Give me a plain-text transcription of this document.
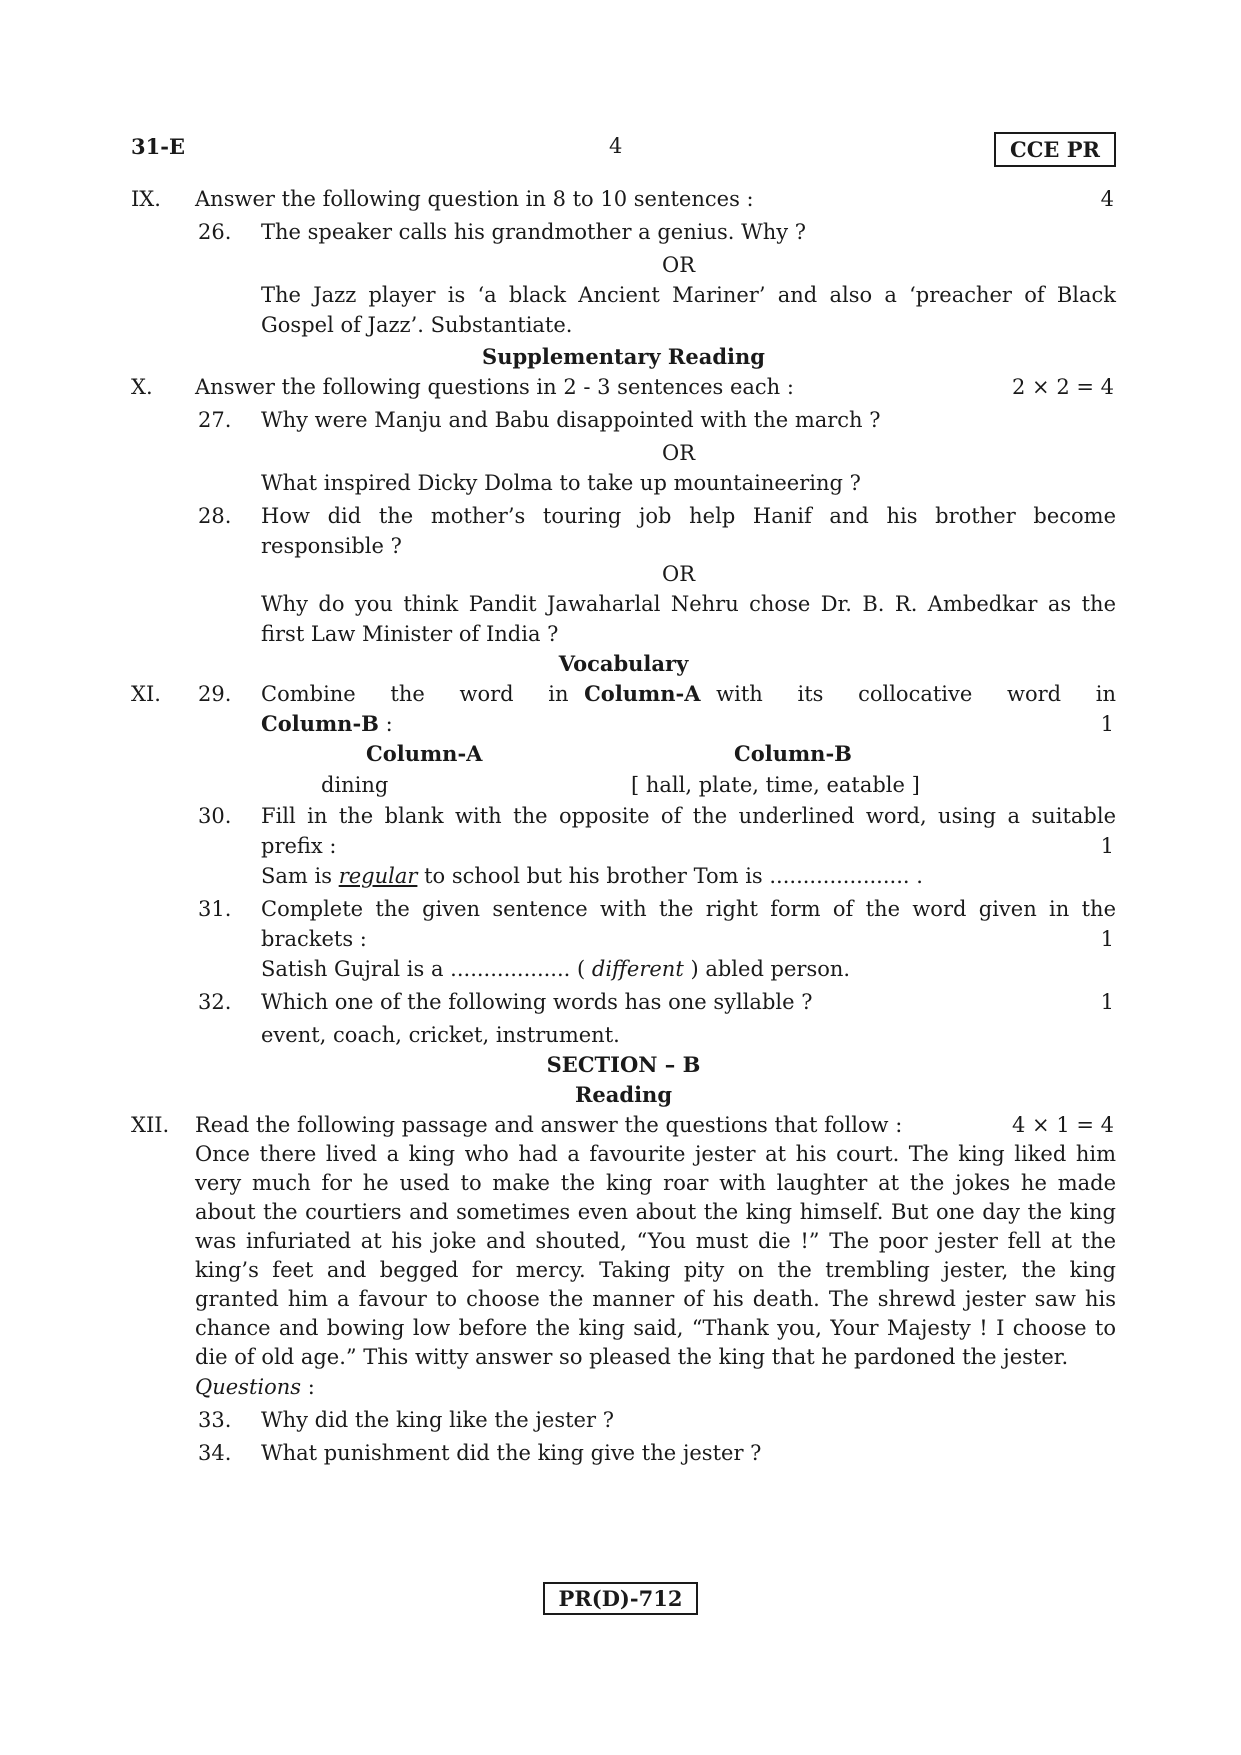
31-E	4	CCE PR
IX. Answer the following question in 8 to 10 sentences :	4
26. The speaker calls his grandmother a genius. Why ?
OR
The Jazz player is ‘a black Ancient Mariner’ and also a ‘preacher of Black Gospel of Jazz’. Substantiate.
Supplementary Reading
X. Answer the following questions in 2 - 3 sentences each :	2 × 2 = 4
27. Why were Manju and Babu disappointed with the march ?
OR
What inspired Dicky Dolma to take up mountaineering ?
28. How did the mother’s touring job help Hanif and his brother become responsible ?
OR
Why do you think Pandit Jawaharlal Nehru chose Dr. B. R. Ambedkar as the first Law Minister of India ?
Vocabulary
XI. 29. Combine the word in Column-A with its collocative word in
Column-B :	1
Column-A	Column-B
dining	[ hall, plate, time, eatable ]
30. Fill in the blank with the opposite of the underlined word, using a suitable
prefix :	1
Sam is regular to school but his brother Tom is ..................... .
31. Complete the given sentence with the right form of the word given in the
brackets :	1
Satish Gujral is a .................. ( different ) abled person.
32. Which one of the following words has one syllable ?	1
event, coach, cricket, instrument.
SECTION – B
Reading
XII. Read the following passage and answer the questions that follow :	4 × 1 = 4
Once there lived a king who had a favourite jester at his court. The king liked him very much for he used to make the king roar with laughter at the jokes he made about the courtiers and sometimes even about the king himself. But one day the king was infuriated at his joke and shouted, “You must die !” The poor jester fell at the king’s feet and begged for mercy. Taking pity on the trembling jester, the king granted him a favour to choose the manner of his death. The shrewd jester saw his chance and bowing low before the king said, “Thank you, Your Majesty ! I choose to die of old age.” This witty answer so pleased the king that he pardoned the jester.
Questions :
33. Why did the king like the jester ?
34. What punishment did the king give the jester ?
PR(D)-712
